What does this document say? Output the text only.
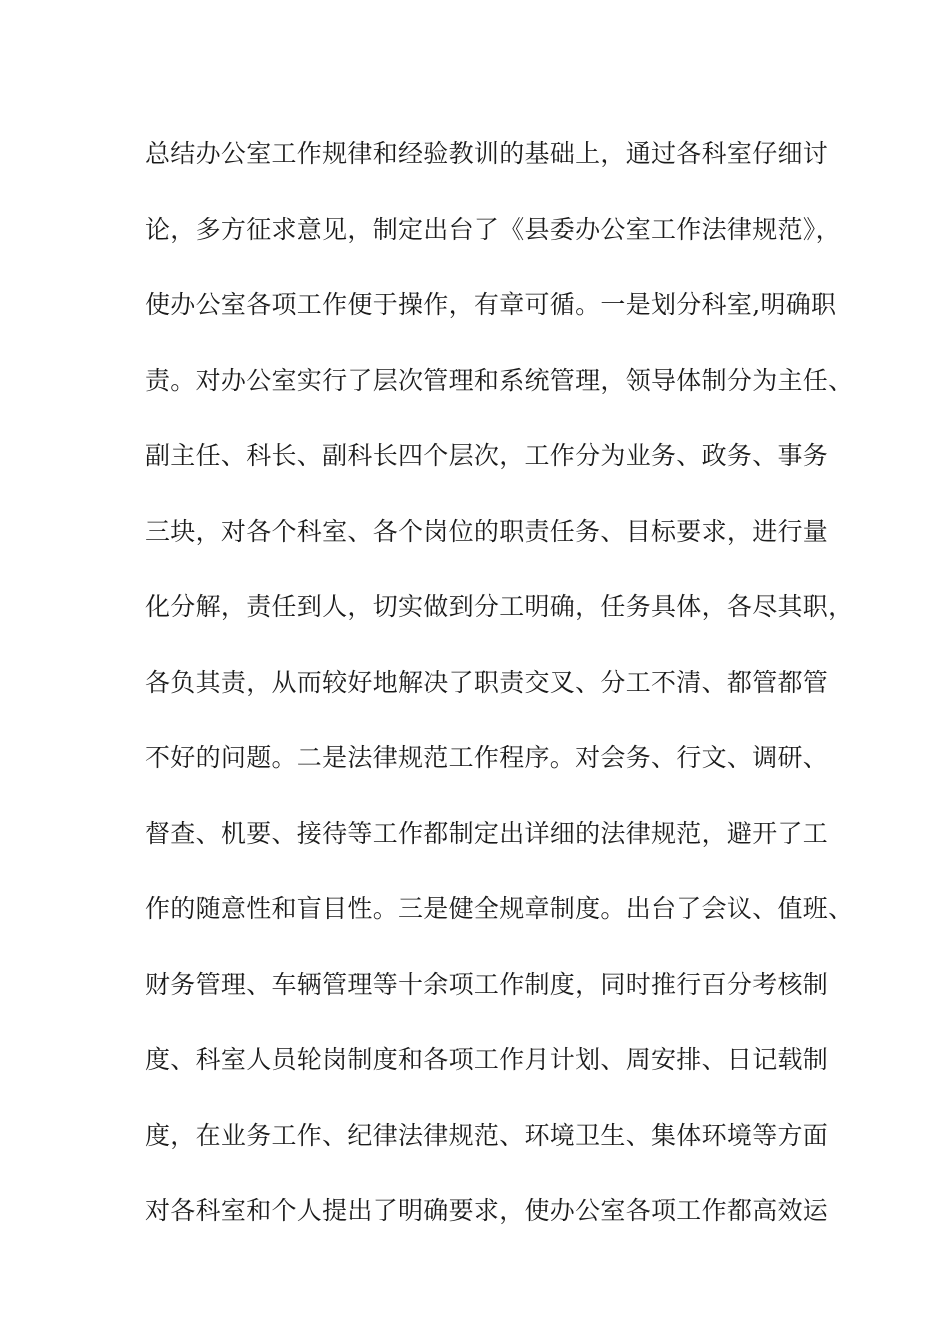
总结办公室工作规律和经验教训的基础上，通过各科室仔细讨
论，多方征求意见，制定出台了《县委办公室工作法律规范》，
使办公室各项工作便于操作，有章可循。一是划分科室,明确职
责。对办公室实行了层次管理和系统管理，领导体制分为主任、
副主任、科长、副科长四个层次，工作分为业务、政务、事务
三块，对各个科室、各个岗位的职责任务、目标要求，进行量
化分解，责任到人，切实做到分工明确，任务具体，各尽其职，
各负其责，从而较好地解决了职责交叉、分工不清、都管都管
不好的问题。二是法律规范工作程序。对会务、行文、调研、
督查、机要、接待等工作都制定出详细的法律规范，避开了工
作的随意性和盲目性。三是健全规章制度。出台了会议、值班、
财务管理、车辆管理等十余项工作制度，同时推行百分考核制
度、科室人员轮岗制度和各项工作月计划、周安排、日记载制
度，在业务工作、纪律法律规范、环境卫生、集体环境等方面
对各科室和个人提出了明确要求，使办公室各项工作都高效运
